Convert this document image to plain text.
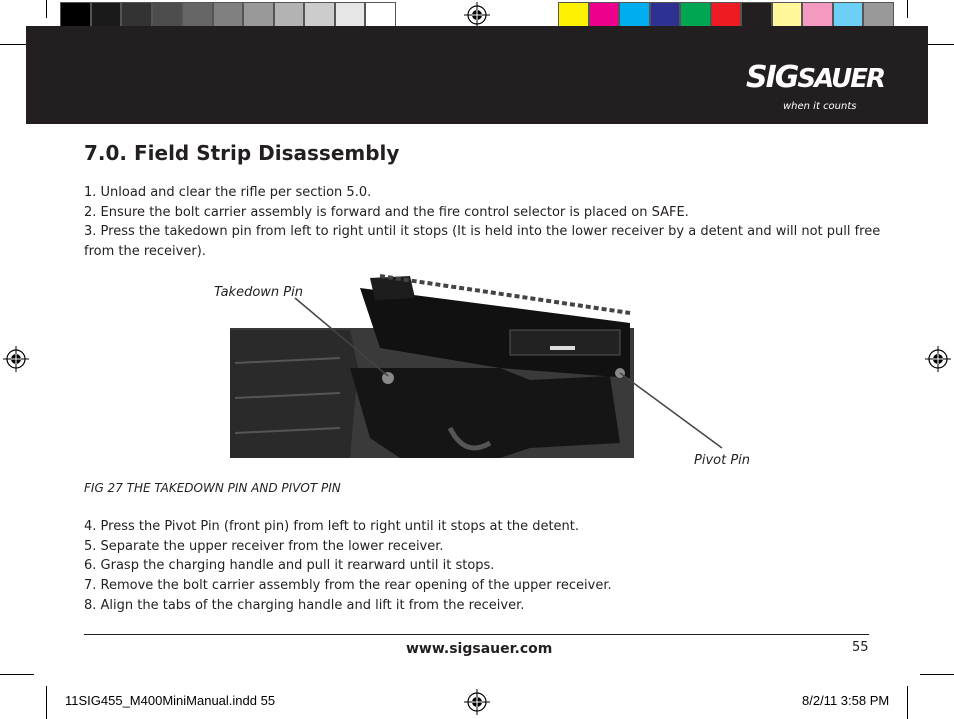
SIGSAUER
when it counts
7.0. Field Strip Disassembly
1. Unload and clear the rifle per section 5.0.
2. Ensure the bolt carrier assembly is forward and the fire control selector is placed on SAFE.
3. Press the takedown pin from left to right until it stops (It is held into the lower receiver by a detent and will not pull free
from the receiver).
Takedown Pin
Pivot Pin
FIG 27 THE TAKEDOWN PIN AND PIVOT PIN
4. Press the Pivot Pin (front pin) from left to right until it stops at the detent.
5. Separate the upper receiver from the lower receiver.
6. Grasp the charging handle and pull it rearward until it stops.
7. Remove the bolt carrier assembly from the rear opening of the upper receiver.
8. Align the tabs of the charging handle and lift it from the receiver.
www.sigsauer.com	55
11SIG455_M400MiniManual.indd 55	8/2/11 3:58 PM
